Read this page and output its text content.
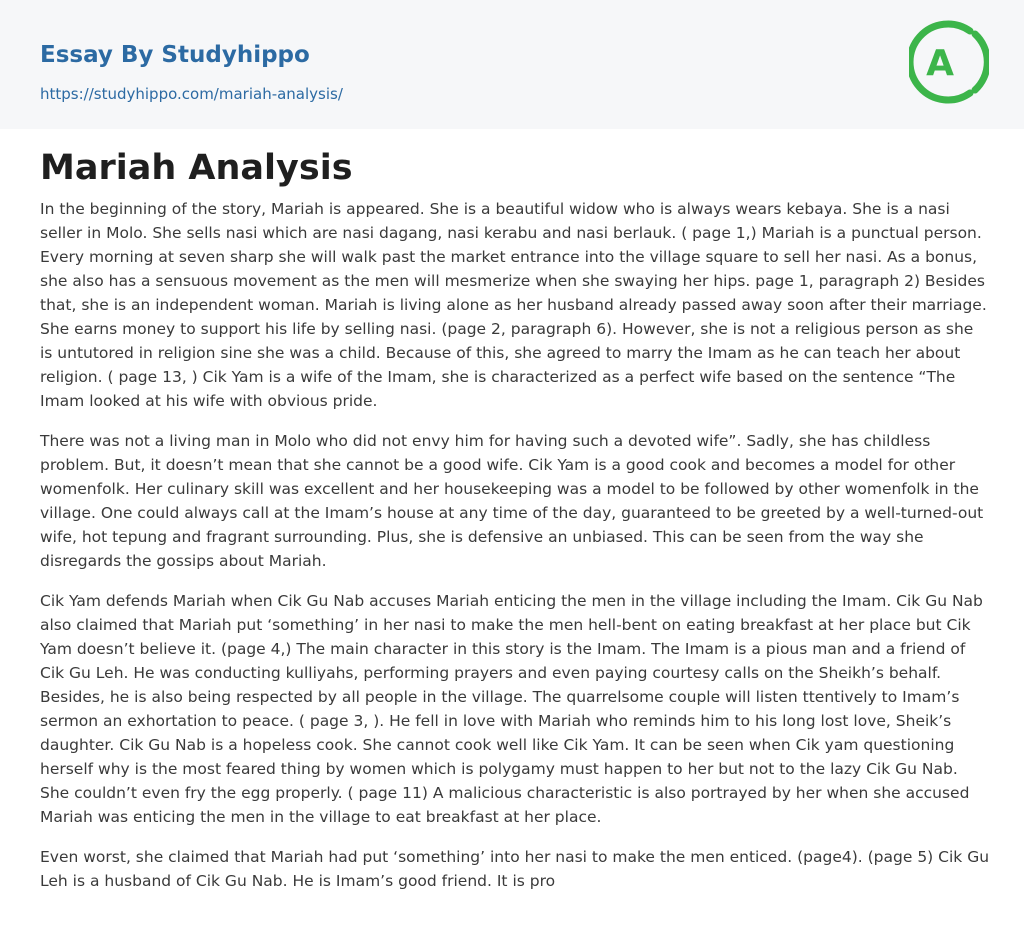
Essay By Studyhippo
https://studyhippo.com/mariah-analysis/
A
Mariah Analysis

In the beginning of the story, Mariah is appeared. She is a beautiful widow who is always wears kebaya. She is a nasi seller in Molo. She sells nasi which are nasi dagang, nasi kerabu and nasi berlauk. ( page 1,) Mariah is a punctual person. Every morning at seven sharp she will walk past the market entrance into the village square to sell her nasi. As a bonus, she also has a sensuous movement as the men will mesmerize when she swaying her hips. page 1, paragraph 2) Besides that, she is an independent woman. Mariah is living alone as her husband already passed away soon after their marriage. She earns money to support his life by selling nasi. (page 2, paragraph 6). However, she is not a religious person as she is untutored in religion sine she was a child. Because of this, she agreed to marry the Imam as he can teach her about religion. ( page 13, ) Cik Yam is a wife of the Imam, she is characterized as a perfect wife based on the sentence “The Imam looked at his wife with obvious pride.

There was not a living man in Molo who did not envy him for having such a devoted wife”. Sadly, she has childless problem. But, it doesn’t mean that she cannot be a good wife. Cik Yam is a good cook and becomes a model for other womenfolk. Her culinary skill was excellent and her housekeeping was a model to be followed by other womenfolk in the village. One could always call at the Imam’s house at any time of the day, guaranteed to be greeted by a well-turned-out wife, hot tepung and fragrant surrounding. Plus, she is defensive an unbiased. This can be seen from the way she disregards the gossips about Mariah.

Cik Yam defends Mariah when Cik Gu Nab accuses Mariah enticing the men in the village including the Imam. Cik Gu Nab also claimed that Mariah put ‘something’ in her nasi to make the men hell-bent on eating breakfast at her place but Cik Yam doesn’t believe it. (page 4,) The main character in this story is the Imam. The Imam is a pious man and a friend of Cik Gu Leh. He was conducting kulliyahs, performing prayers and even paying courtesy calls on the Sheikh’s behalf. Besides, he is also being respected by all people in the village. The quarrelsome couple will listen ttentively to Imam’s sermon an exhortation to peace. ( page 3, ). He fell in love with Mariah who reminds him to his long lost love, Sheik’s daughter. Cik Gu Nab is a hopeless cook. She cannot cook well like Cik Yam. It can be seen when Cik yam questioning herself why is the most feared thing by women which is polygamy must happen to her but not to the lazy Cik Gu Nab. She couldn’t even fry the egg properly. ( page 11) A malicious characteristic is also portrayed by her when she accused Mariah was enticing the men in the village to eat breakfast at her place.

Even worst, she claimed that Mariah had put ‘something’ into her nasi to make the men enticed. (page4). (page 5) Cik Gu Leh is a husband of Cik Gu Nab. He is Imam’s good friend. It is pro
